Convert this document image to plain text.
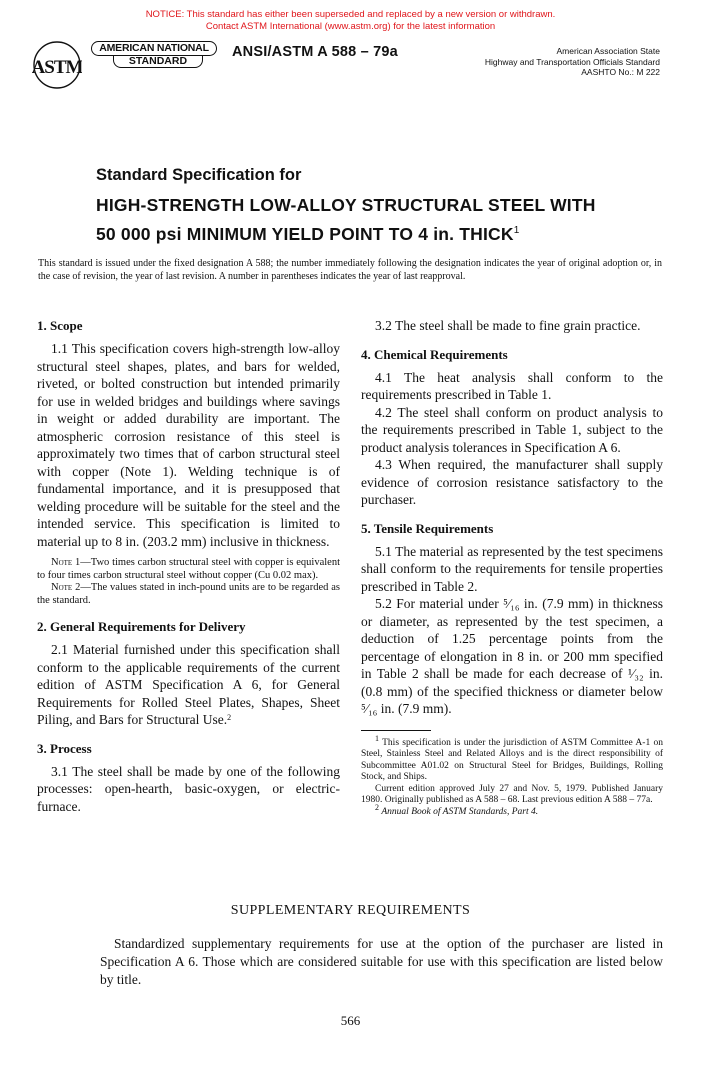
NOTICE: This standard has either been superseded and replaced by a new version or withdrawn.
Contact ASTM International (www.astm.org) for the latest information
ASTM
AMERICAN NATIONAL
STANDARD
ANSI/ASTM A 588 – 79a	American Association State
Highway and Transportation Officials Standard
AASHTO No.: M 222
Standard Specification for
HIGH-STRENGTH LOW-ALLOY STRUCTURAL STEEL WITH
50 000 psi MINIMUM YIELD POINT TO 4 in. THICK$^1$

This standard is issued under the fixed designation A 588; the number immediately following the designation indicates the year of original adoption or, in the case of revision, the year of last revision. A number in parentheses indicates the year of last reapproval.

1. Scope

1.1 This specification covers high-strength low-alloy structural steel shapes, plates, and bars for welded, riveted, or bolted construction but intended primarily for use in welded bridges and buildings where savings in weight or added durability are important. The atmospheric corrosion resistance of this steel is approximately two times that of carbon structural steel with copper (Note 1). Welding technique is of fundamental importance, and it is presupposed that welding procedure will be suitable for the steel and the intended service. This specification is limited to material up to 8 in. (203.2 mm) inclusive in thickness.

Note 1—Two times carbon structural steel with copper is equivalent to four times carbon structural steel without copper (Cu 0.02 max).

Note 2—The values stated in inch-pound units are to be regarded as the standard.

2. General Requirements for Delivery

2.1 Material furnished under this specification shall conform to the applicable requirements of the current edition of ASTM Specification A 6, for General Requirements for Rolled Steel Plates, Shapes, Sheet Piling, and Bars for Structural Use.$^2$

3. Process

3.1 The steel shall be made by one of the following processes: open-hearth, basic-oxygen, or electric-furnace.

3.2 The steel shall be made to fine grain practice.

4. Chemical Requirements

4.1 The heat analysis shall conform to the requirements prescribed in Table 1.

4.2 The steel shall conform on product analysis to the requirements prescribed in Table 1, subject to the product analysis tolerances in Specification A 6.

4.3 When required, the manufacturer shall supply evidence of corrosion resistance satisfactory to the purchaser.

5. Tensile Requirements

5.1 The material as represented by the test specimens shall conform to the requirements for tensile properties prescribed in Table 2.

5.2 For material under ⁵⁄₁₆ in. (7.9 mm) in thickness or diameter, as represented by the test specimen, a deduction of 1.25 percentage points from the percentage of elongation in 8 in. or 200 mm specified in Table 2 shall be made for each decrease of ¹⁄₃₂ in. (0.8 mm) of the specified thickness or diameter below ⁵⁄₁₆ in. (7.9 mm).

$^1$ This specification is under the jurisdiction of ASTM Committee A-1 on Steel, Stainless Steel and Related Alloys and is the direct responsibility of Subcommittee A01.02 on Structural Steel for Bridges, Buildings, Rolling Stock, and Ships.

Current edition approved July 27 and Nov. 5, 1979. Published January 1980. Originally published as A 588 – 68. Last previous edition A 588 – 77a.

$^2$ Annual Book of ASTM Standards, Part 4.

SUPPLEMENTARY REQUIREMENTS

Standardized supplementary requirements for use at the option of the purchaser are listed in Specification A 6. Those which are considered suitable for use with this specification are listed below by title.

566
